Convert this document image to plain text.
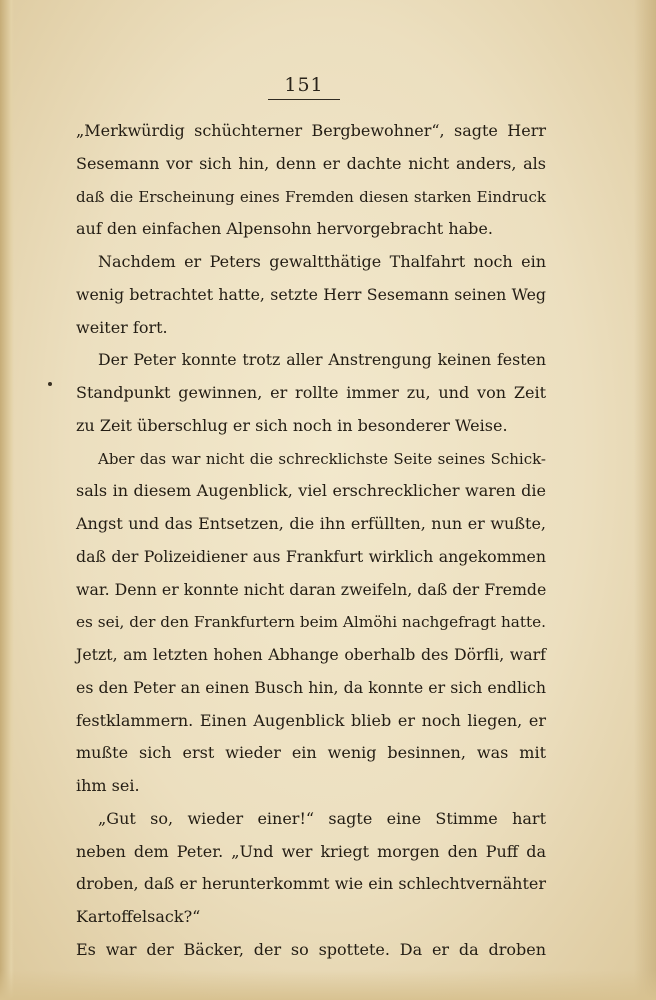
151
„Merkwürdig schüchterner Bergbewohner“, sagte Herr
Sesemann vor sich hin, denn er dachte nicht anders, als
daß die Erscheinung eines Fremden diesen starken Eindruck
auf den einfachen Alpensohn hervorgebracht habe.
Nachdem er Peters gewaltthätige Thalfahrt noch ein
wenig betrachtet hatte, setzte Herr Sesemann seinen Weg
weiter fort.
Der Peter konnte trotz aller Anstrengung keinen festen
Standpunkt gewinnen, er rollte immer zu, und von Zeit
zu Zeit überschlug er sich noch in besonderer Weise.
Aber das war nicht die schrecklichste Seite seines Schick-
sals in diesem Augenblick, viel erschrecklicher waren die
Angst und das Entsetzen, die ihn erfüllten, nun er wußte,
daß der Polizeidiener aus Frankfurt wirklich angekommen
war. Denn er konnte nicht daran zweifeln, daß der Fremde
es sei, der den Frankfurtern beim Almöhi nachgefragt hatte.
Jetzt, am letzten hohen Abhange oberhalb des Dörfli, warf
es den Peter an einen Busch hin, da konnte er sich endlich
festklammern. Einen Augenblick blieb er noch liegen, er
mußte sich erst wieder ein wenig besinnen, was mit
ihm sei.
„Gut so, wieder einer!“ sagte eine Stimme hart
neben dem Peter. „Und wer kriegt morgen den Puff da
droben, daß er herunterkommt wie ein schlechtvernähter
Kartoffelsack?“
Es war der Bäcker, der so spottete. Da er da droben
